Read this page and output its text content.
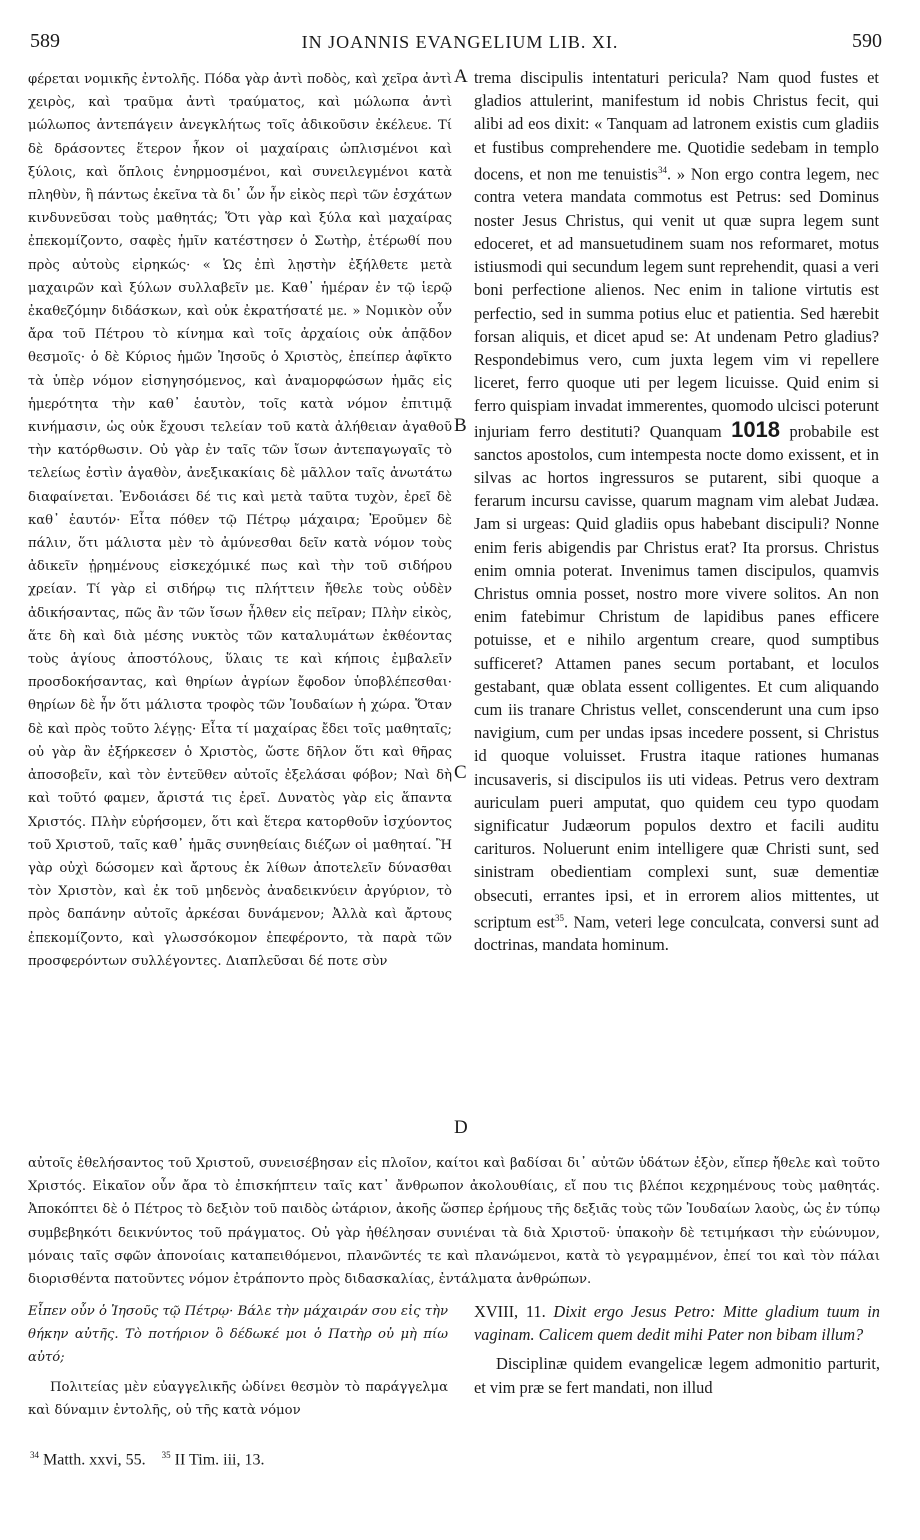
589	IN JOANNIS EVANGELIUM LIB. XI.	590
φέρεται νομικῆς ἐντολῆς. Πόδα γὰρ ἀντὶ ποδὸς, καὶ χεῖρα ἀντὶ χειρὸς, καὶ τραῦμα ἀντὶ τραύματος, καὶ μώλωπα ἀντὶ μώλωπος ἀντεπάγειν ἀνεγκλήτως τοῖς ἀδικοῦσιν ἐκέλευε. Τί δὲ δράσοντες ἕτερον ἧκον οἱ μαχαίραις ὡπλισμένοι καὶ ξύλοις, καὶ ὅπλοις ἐνηρμοσμένοι, καὶ συνειλεγμένοι κατὰ πληθὺν, ἢ πάντως ἐκεῖνα τὰ δι᾽ ὧν ἦν εἰκὸς περὶ τῶν ἐσχάτων κινδυνεῦσαι τοὺς μαθητάς; Ὅτι γὰρ καὶ ξύλα καὶ μαχαίρας ἐπεκομίζοντο, σαφὲς ἡμῖν κατέστησεν ὁ Σωτὴρ, ἑτέρωθί που πρὸς αὐτοὺς εἰρηκώς· « Ὡς ἐπὶ λῃστὴν ἐξήλθετε μετὰ μαχαιρῶν καὶ ξύλων συλλαβεῖν με. Καθ᾽ ἡμέραν ἐν τῷ ἱερῷ ἐκαθεζόμην διδάσκων, καὶ οὐκ ἐκρατήσατέ με. » Νομικὸν οὖν ἄρα τοῦ Πέτρου τὸ κίνημα καὶ τοῖς ἀρχαίοις οὐκ ἀπᾷδον θεσμοῖς· ὁ δὲ Κύριος ἡμῶν Ἰησοῦς ὁ Χριστὸς, ἐπείπερ ἀφῖκτο τὰ ὑπὲρ νόμον εἰσηγησόμενος, καὶ ἀναμορφώσων ἡμᾶς εἰς ἡμερότητα τὴν καθ᾽ ἑαυτὸν, τοῖς κατὰ νόμον ἐπιτιμᾷ κινήμασιν, ὡς οὐκ ἔχουσι τελείαν τοῦ κατὰ ἀλήθειαν ἀγαθοῦ τὴν κατόρθωσιν. Οὐ γὰρ ἐν ταῖς τῶν ἴσων ἀντεπαγωγαῖς τὸ τελείως ἐστὶν ἀγαθὸν, ἀνεξικακίαις δὲ μᾶλλον ταῖς ἀνωτάτω διαφαίνεται. Ἐνδοιάσει δέ τις καὶ μετὰ ταῦτα τυχὸν, ἐρεῖ δὲ καθ᾽ ἑαυτόν· Εἶτα πόθεν τῷ Πέτρῳ μάχαιρα; Ἐροῦμεν δὲ πάλιν, ὅτι μάλιστα μὲν τὸ ἀμύνεσθαι δεῖν κατὰ νόμον τοὺς ἀδικεῖν ᾐρημένους εἰσκεχόμικέ πως καὶ τὴν τοῦ σιδήρου χρείαν. Τί γὰρ εἰ σιδήρῳ τις πλήττειν ἤθελε τοὺς οὐδὲν ἀδικήσαντας, πῶς ἂν τῶν ἴσων ἦλθεν εἰς πεῖραν; Πλὴν εἰκὸς, ἅτε δὴ καὶ διὰ μέσης νυκτὸς τῶν καταλυμάτων ἐκθέοντας τοὺς ἁγίους ἀποστόλους, ὕλαις τε καὶ κήποις ἐμβαλεῖν προσδοκήσαντας, καὶ θηρίων ἀγρίων ἔφοδον ὑποβλέπεσθαι· θηρίων δὲ ἦν ὅτι μάλιστα τροφὸς τῶν Ἰουδαίων ἡ χώρα. Ὅταν δὲ καὶ πρὸς τοῦτο λέγῃς· Εἶτα τί μαχαίρας ἔδει τοῖς μαθηταῖς; οὐ γὰρ ἂν ἐξήρκεσεν ὁ Χριστὸς, ὥστε δῆλον ὅτι καὶ θῆρας ἀποσοβεῖν, καὶ τὸν ἐντεῦθεν αὐτοῖς ἐξελάσαι φόβον; Ναὶ δὴ καὶ τοῦτό φαμεν, ἄριστά τις ἐρεῖ. Δυνατὸς γὰρ εἰς ἅπαντα Χριστός. Πλὴν εὑρήσομεν, ὅτι καὶ ἕτερα κατορθοῦν ἰσχύοντος τοῦ Χριστοῦ, ταῖς καθ᾽ ἡμᾶς συνηθείαις διέζων οἱ μαθηταί. Ἢ γὰρ οὐχὶ δώσομεν καὶ ἄρτους ἐκ λίθων ἀποτελεῖν δύνασθαι τὸν Χριστὸν, καὶ ἐκ τοῦ μηδενὸς ἀναδεικνύειν ἀργύριον, τὸ πρὸς δαπάνην αὐτοῖς ἀρκέσαι δυνάμενον; Ἀλλὰ καὶ ἄρτους ἐπεκομίζοντο, καὶ γλωσσόκομον ἐπεφέροντο, τὰ παρὰ τῶν προσφερόντων συλλέγοντες. Διαπλεῦσαι δέ ποτε σὺν
A
B
C
D
trema discipulis intentaturi pericula? Nam quod fustes et gladios attulerint, manifestum id nobis Christus fecit, qui alibi ad eos dixit: « Tanquam ad latronem existis cum gladiis et fustibus comprehendere me. Quotidie sedebam in templo docens, et non me tenuistis$^{34}$. » Non ergo contra legem, nec contra vetera mandata commotus est Petrus: sed Dominus noster Jesus Christus, qui venit ut quæ supra legem sunt edoceret, et ad mansuetudinem suam nos reformaret, motus istiusmodi qui secundum legem sunt reprehendit, quasi a veri boni perfectione alienos. Nec enim in talione virtutis est perfectio, sed in summa potius eluc et patientia. Sed hærebit forsan aliquis, et dicet apud se: At undenam Petro gladius? Respondebimus vero, cum juxta legem vim vi repellere liceret, ferro quoque uti per legem licuisse. Quid enim si ferro quispiam invadat immerentes, quomodo ulcisci poterunt injuriam ferro destituti? Quanquam 1018 probabile est sanctos apostolos, cum intempesta nocte domo exissent, et in silvas ac hortos ingressuros se putarent, sibi quoque a ferarum incursu cavisse, quarum magnam vim alebat Judæa. Jam si urgeas: Quid gladiis opus habebant discipuli? Nonne enim feris abigendis par Christus erat? Ita prorsus. Christus enim omnia poterat. Invenimus tamen discipulos, quamvis Christus omnia posset, nostro more vivere solitos. An non enim fatebimur Christum de lapidibus panes efficere potuisse, et e nihilo argentum creare, quod sumptibus sufficeret? Attamen panes secum portabant, et loculos gestabant, quæ oblata essent colligentes. Et cum aliquando cum iis tranare Christus vellet, conscenderunt una cum ipso navigium, cum per undas ipsas incedere possent, si Christus id quoque voluisset. Frustra itaque rationes humanas incusaveris, si discipulos iis uti videas. Petrus vero dextram auriculam pueri amputat, quo quidem ceu typo quodam significatur Judæorum populos dextro et facili auditu carituros. Noluerunt enim intelligere quæ Christi sunt, sed sinistram obedientiam complexi sunt, suæ dementiæ obsecuti, errantes ipsi, et in errorem alios mittentes, ut scriptum est$^{35}$. Nam, veteri lege conculcata, conversi sunt ad doctrinas, mandata hominum.
αὐτοῖς ἐθελήσαντος τοῦ Χριστοῦ, συνεισέβησαν εἰς πλοῖον, καίτοι καὶ βαδίσαι δι᾽ αὐτῶν ὑδάτων ἐξὸν, εἴπερ ἤθελε καὶ τοῦτο Χριστός. Εἰκαῖον οὖν ἄρα τὸ ἐπισκήπτειν ταῖς κατ᾽ ἄνθρωπον ἀκολουθίαις, εἴ που τις βλέποι κεχρημένους τοὺς μαθητάς. Ἀποκόπτει δὲ ὁ Πέτρος τὸ δεξιὸν τοῦ παιδὸς ὠτάριον, ἀκοῆς ὥσπερ ἐρήμους τῆς δεξιᾶς τοὺς τῶν Ἰουδαίων λαοὺς, ὡς ἐν τύπῳ συμβεβηκότι δεικνύντος τοῦ πράγματος. Οὐ γὰρ ἠθέλησαν συνιέναι τὰ διὰ Χριστοῦ· ὑπακοὴν δὲ τετιμήκασι τὴν εὐώνυμον, μόναις ταῖς σφῶν ἀπονοίαις καταπειθόμενοι, πλανῶντές τε καὶ πλανώμενοι, κατὰ τὸ γεγραμμένον, ἐπεί τοι καὶ τὸν πάλαι διορισθέντα πατοῦντες νόμον ἐτράποντο πρὸς διδασκαλίας, ἐντάλματα ἀνθρώπων.
Εἶπεν οὖν ὁ Ἰησοῦς τῷ Πέτρῳ· Βάλε τὴν μάχαιράν σου εἰς τὴν θήκην αὐτῆς. Τὸ ποτήριον ὃ δέδωκέ μοι ὁ Πατὴρ οὐ μὴ πίω αὐτό;
Πολιτείας μὲν εὐαγγελικῆς ὠδίνει θεσμὸν τὸ παράγγελμα καὶ δύναμιν ἐντολῆς, οὐ τῆς κατὰ νόμον
XVIII, 11. Dixit ergo Jesus Petro: Mitte gladium tuum in vaginam. Calicem quem dedit mihi Pater non bibam illum?
Disciplinæ quidem evangelicæ legem admonitio parturit, et vim præ se fert mandati, non illud
$^{34}$ Matth. xxvi, 55. $^{35}$ II Tim. iii, 13.
